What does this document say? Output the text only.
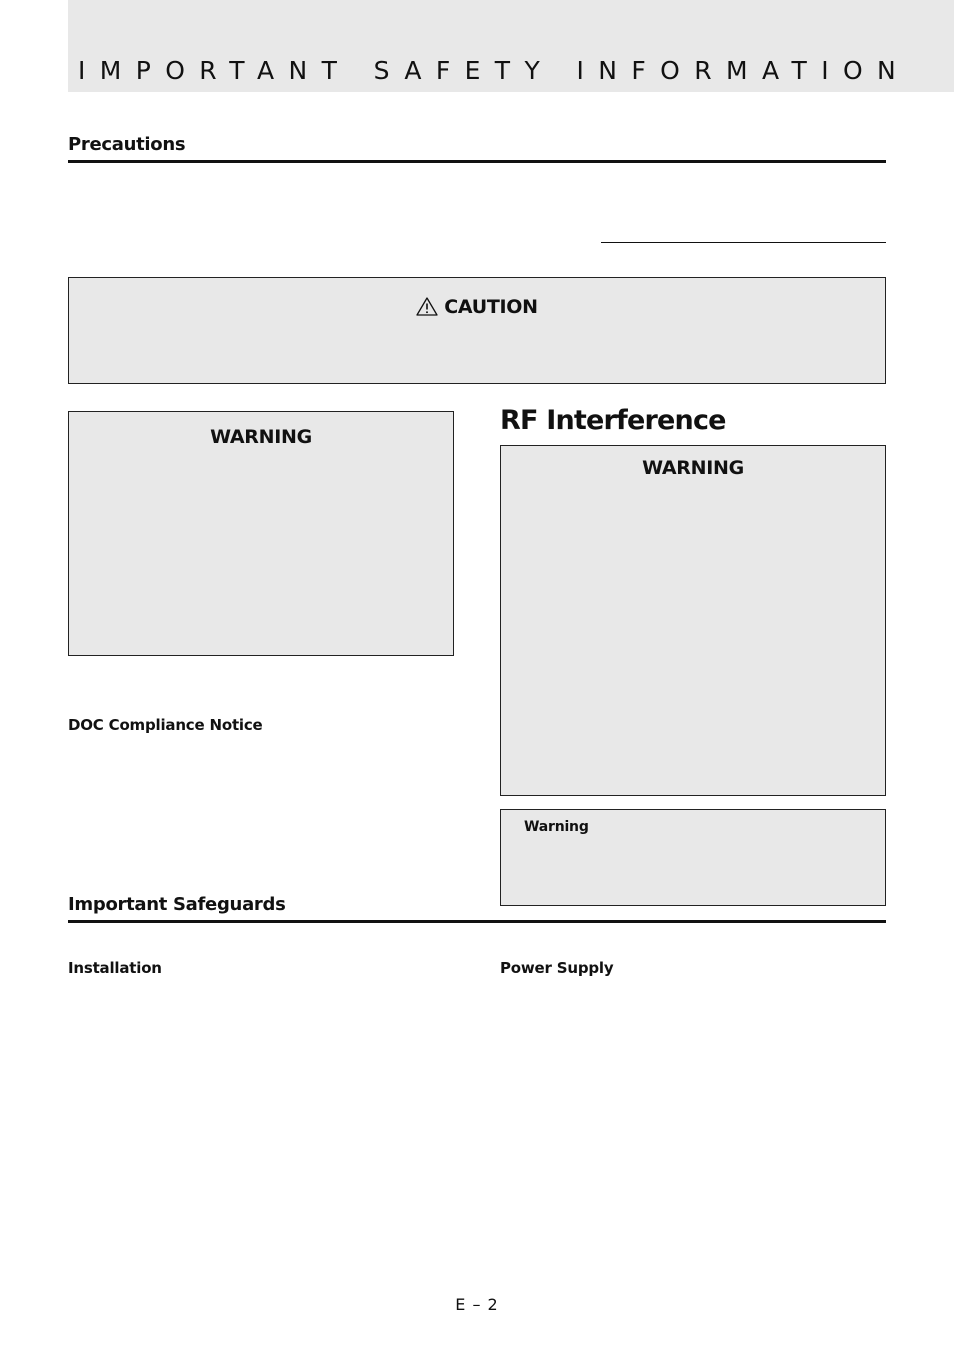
IMPORTANT SAFETY INFORMATION
Precautions
CAUTION
WARNING
RF Interference
WARNING
Warning
DOC Compliance Notice
Important Safeguards
Installation	Power Supply
E – 2
